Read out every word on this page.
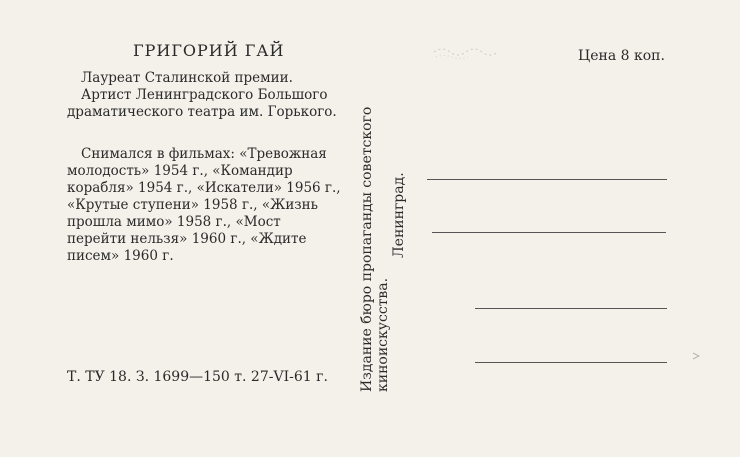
ГРИГОРИЙ ГАЙ
Лауреат Сталинской премии.
Артист Ленинградского Большого драматического театра им. Горького.
Снимался в фильмах: «Тревожная молодость» 1954 г., «Командир корабля» 1954 г., «Искатели» 1956 г., «Крутые ступени» 1958 г., «Жизнь прошла мимо» 1958 г., «Мост перейти нельзя» 1960 г., «Ждите писем» 1960 г.
Т. ТУ 18. З. 1699—150 т. 27-VI-61 г. Издание бюро пропаганды советского киноискусства.
Ленинград.
Цена 8 коп.
